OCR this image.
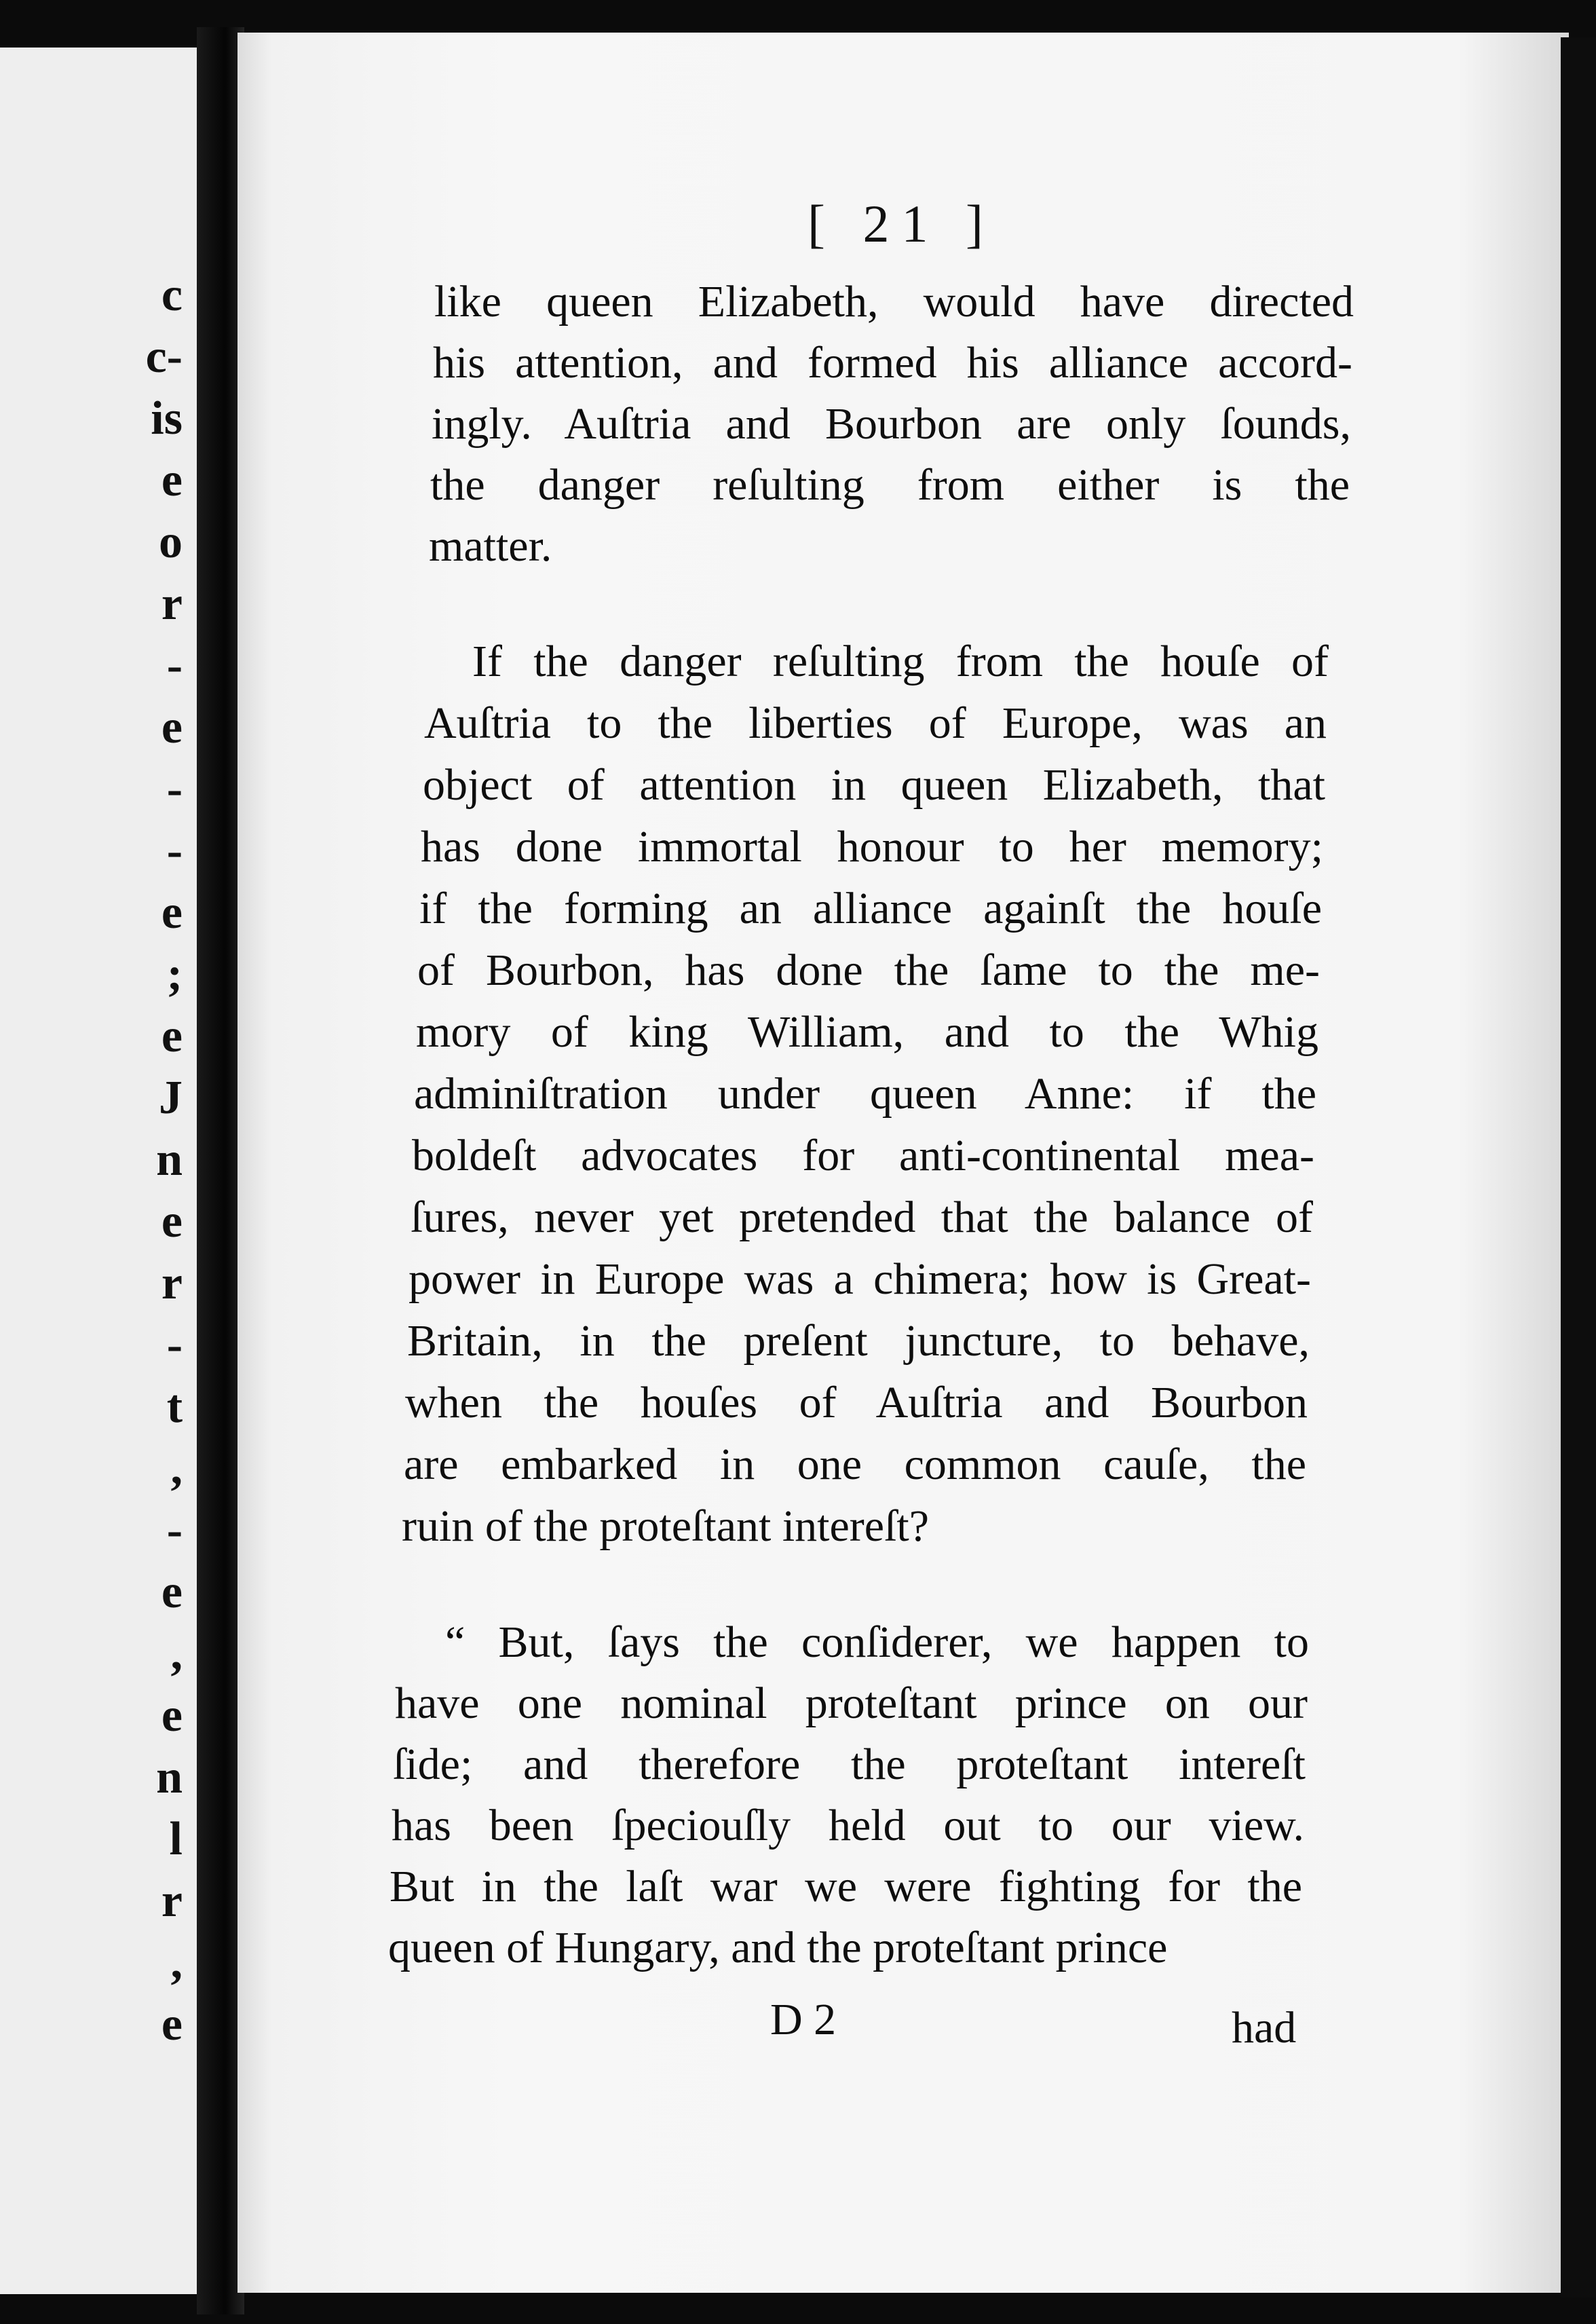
c
c-
is
e
o
r
-
e
-
-
e
;
e
J
n
e
r
-
t
,
-
e
,
e
n
l
r
,
e
[ 21 ]
like queen Elizabeth, would have directed
his attention, and formed his alliance accord-
ingly. Auſtria and Bourbon are only ſounds,
the danger reſulting from either is the
matter.
If the danger reſulting from the houſe of
Auſtria to the liberties of Europe, was an
object of attention in queen Elizabeth, that
has done immortal honour to her memory;
if the forming an alliance againſt the houſe
of Bourbon, has done the ſame to the me-
mory of king William, and to the Whig
adminiſtration under queen Anne: if the
boldeſt advocates for anti-continental mea-
ſures, never yet pretended that the balance of
power in Europe was a chimera; how is Great-
Britain, in the preſent juncture, to behave,
when the houſes of Auſtria and Bourbon
are embarked in one common cauſe, the
ruin of the proteſtant intereſt?
“ But, ſays the conſiderer, we happen to
have one nominal proteſtant prince on our
ſide; and therefore the proteſtant intereſt
has been ſpeciouſly held out to our view.
But in the laſt war we were fighting for the
queen of Hungary, and the proteſtant prince
D 2	had
